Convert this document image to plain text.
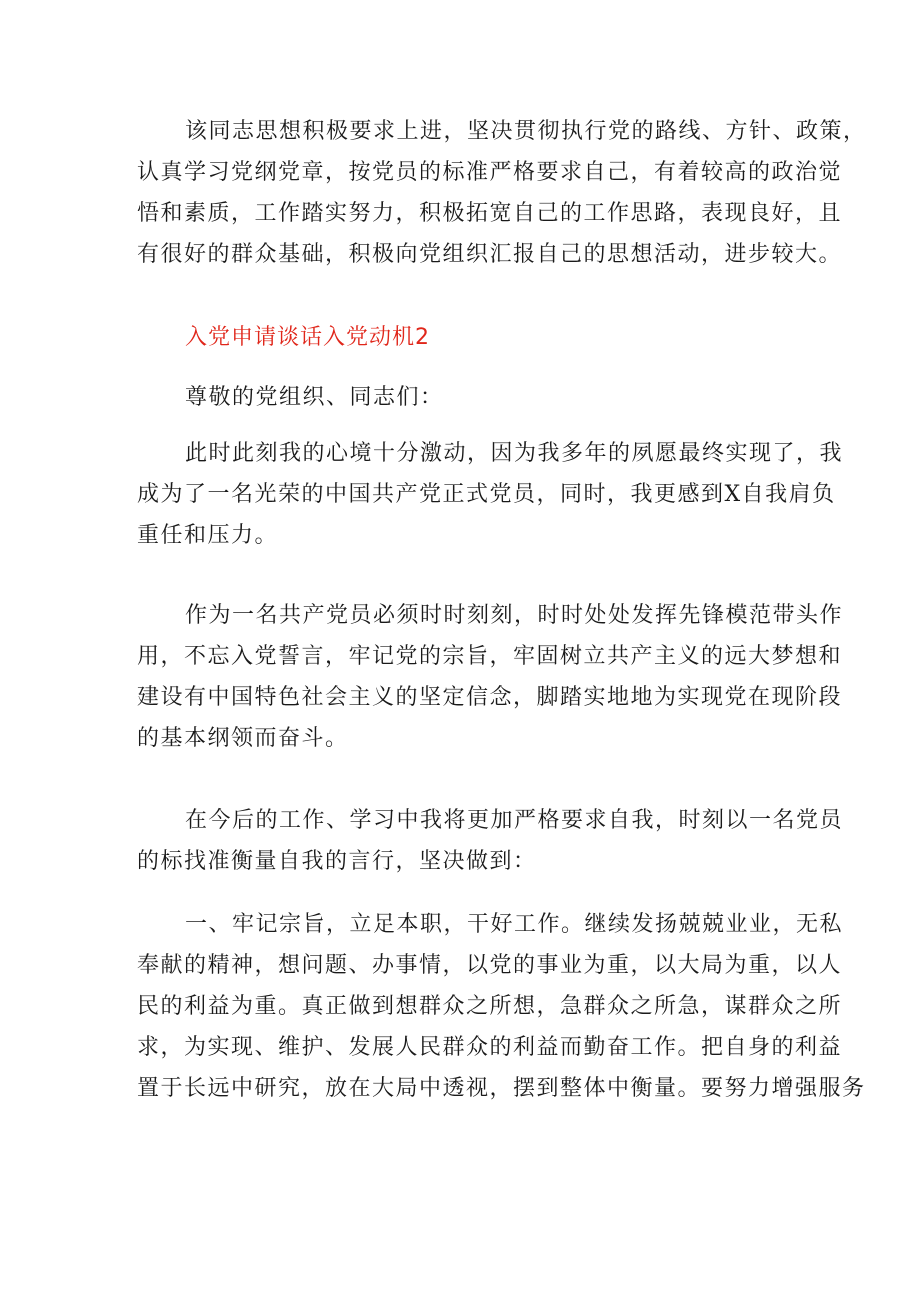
该同志思想积极要求上进，坚决贯彻执行党的路线、方针、政策，
认真学习党纲党章，按党员的标准严格要求自己，有着较高的政治觉
悟和素质，工作踏实努力，积极拓宽自己的工作思路，表现良好，且
有很好的群众基础，积极向党组织汇报自己的思想活动，进步较大。
入党申请谈话入党动机2
尊敬的党组织、同志们：
此时此刻我的心境十分激动，因为我多年的夙愿最终实现了，我
成为了一名光荣的中国共产党正式党员，同时，我更感到X自我肩负
重任和压力。
作为一名共产党员必须时时刻刻，时时处处发挥先锋模范带头作
用，不忘入党誓言，牢记党的宗旨，牢固树立共产主义的远大梦想和
建设有中国特色社会主义的坚定信念，脚踏实地地为实现党在现阶段
的基本纲领而奋斗。
在今后的工作、学习中我将更加严格要求自我，时刻以一名党员
的标找准衡量自我的言行，坚决做到：
一、牢记宗旨，立足本职，干好工作。继续发扬兢兢业业，无私
奉献的精神，想问题、办事情，以党的事业为重，以大局为重，以人
民的利益为重。真正做到想群众之所想，急群众之所急，谋群众之所
求，为实现、维护、发展人民群众的利益而勤奋工作。把自身的利益
置于长远中研究，放在大局中透视，摆到整体中衡量。要努力增强服务
